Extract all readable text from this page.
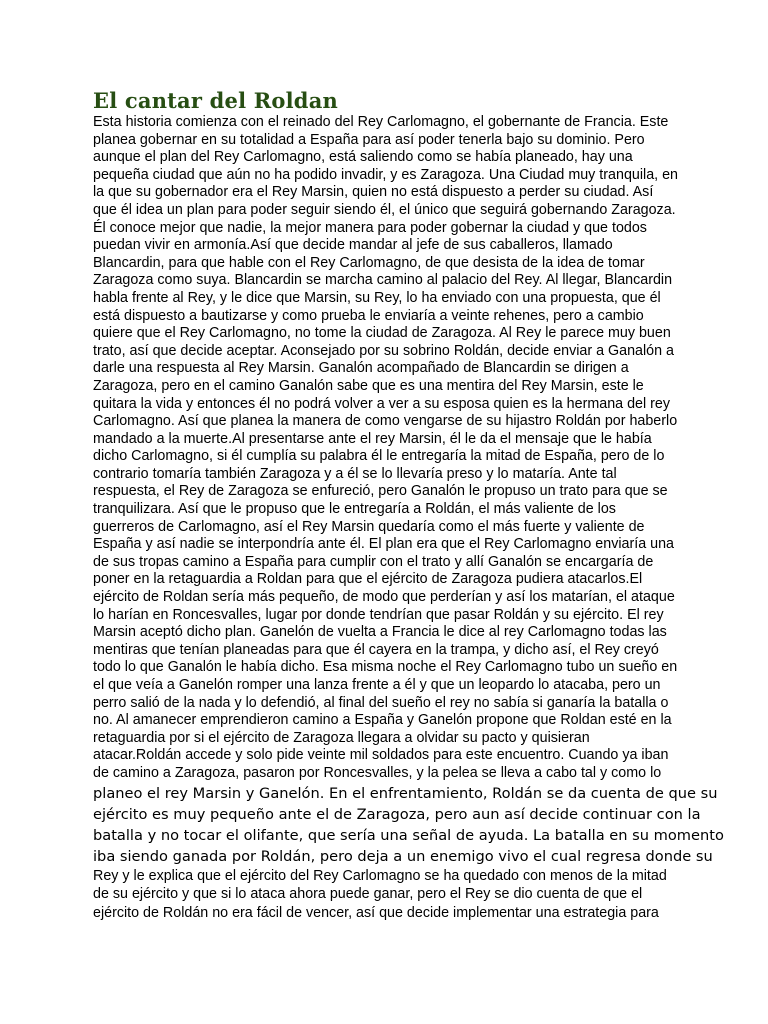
El cantar del Roldan
Esta historia comienza con el reinado del Rey Carlomagno, el gobernante de Francia. Este
planea gobernar en su totalidad a España para así poder tenerla bajo su dominio. Pero
aunque el plan del Rey Carlomagno, está saliendo como se había planeado, hay una
pequeña ciudad que aún no ha podido invadir, y es Zaragoza. Una Ciudad muy tranquila, en
la que su gobernador era el Rey Marsin, quien no está dispuesto a perder su ciudad. Así
que él idea un plan para poder seguir siendo él, el único que seguirá gobernando Zaragoza.
Él conoce mejor que nadie, la mejor manera para poder gobernar la ciudad y que todos
puedan vivir en armonía.Así que decide mandar al jefe de sus caballeros, llamado
Blancardin, para que hable con el Rey Carlomagno, de que desista de la idea de tomar
Zaragoza como suya. Blancardin se marcha camino al palacio del Rey. Al llegar, Blancardin
habla frente al Rey, y le dice que Marsin, su Rey, lo ha enviado con una propuesta, que él
está dispuesto a bautizarse y como prueba le enviaría a veinte rehenes, pero a cambio
quiere que el Rey Carlomagno, no tome la ciudad de Zaragoza. Al Rey le parece muy buen
trato, así que decide aceptar. Aconsejado por su sobrino Roldán, decide enviar a Ganalón a
darle una respuesta al Rey Marsin. Ganalón acompañado de Blancardin se dirigen a
Zaragoza, pero en el camino Ganalón sabe que es una mentira del Rey Marsin, este le
quitara la vida y entonces él no podrá volver a ver a su esposa quien es la hermana del rey
Carlomagno. Así que planea la manera de como vengarse de su hijastro Roldán por haberlo
mandado a la muerte.Al presentarse ante el rey Marsin, él le da el mensaje que le había
dicho Carlomagno, si él cumplía su palabra él le entregaría la mitad de España, pero de lo
contrario tomaría también Zaragoza y a él se lo llevaría preso y lo mataría. Ante tal
respuesta, el Rey de Zaragoza se enfureció, pero Ganalón le propuso un trato para que se
tranquilizara. Así que le propuso que le entregaría a Roldán, el más valiente de los
guerreros de Carlomagno, así el Rey Marsin quedaría como el más fuerte y valiente de
España y así nadie se interpondría ante él. El plan era que el Rey Carlomagno enviaría una
de sus tropas camino a España para cumplir con el trato y allí Ganalón se encargaría de
poner en la retaguardia a Roldan para que el ejército de Zaragoza pudiera atacarlos.El
ejército de Roldan sería más pequeño, de modo que perderían y así los matarían, el ataque
lo harían en Roncesvalles, lugar por donde tendrían que pasar Roldán y su ejército. El rey
Marsin aceptó dicho plan. Ganelón de vuelta a Francia le dice al rey Carlomagno todas las
mentiras que tenían planeadas para que él cayera en la trampa, y dicho así, el Rey creyó
todo lo que Ganalón le había dicho. Esa misma noche el Rey Carlomagno tubo un sueño en
el que veía a Ganelón romper una lanza frente a él y que un leopardo lo atacaba, pero un
perro salió de la nada y lo defendió, al final del sueño el rey no sabía si ganaría la batalla o
no. Al amanecer emprendieron camino a España y Ganelón propone que Roldan esté en la
retaguardia por si el ejército de Zaragoza llegara a olvidar su pacto y quisieran
atacar.Roldán accede y solo pide veinte mil soldados para este encuentro. Cuando ya iban
de camino a Zaragoza, pasaron por Roncesvalles, y la pelea se lleva a cabo tal y como lo
planeo el rey Marsin y Ganelón. En el enfrentamiento, Roldán se da cuenta de que su
ejército es muy pequeño ante el de Zaragoza, pero aun así decide continuar con la
batalla y no tocar el olifante, que sería una señal de ayuda. La batalla en su momento
iba siendo ganada por Roldán, pero deja a un enemigo vivo el cual regresa donde su
Rey y le explica que el ejército del Rey Carlomagno se ha quedado con menos de la mitad
de su ejército y que si lo ataca ahora puede ganar, pero el Rey se dio cuenta de que el
ejército de Roldán no era fácil de vencer, así que decide implementar una estrategia para
